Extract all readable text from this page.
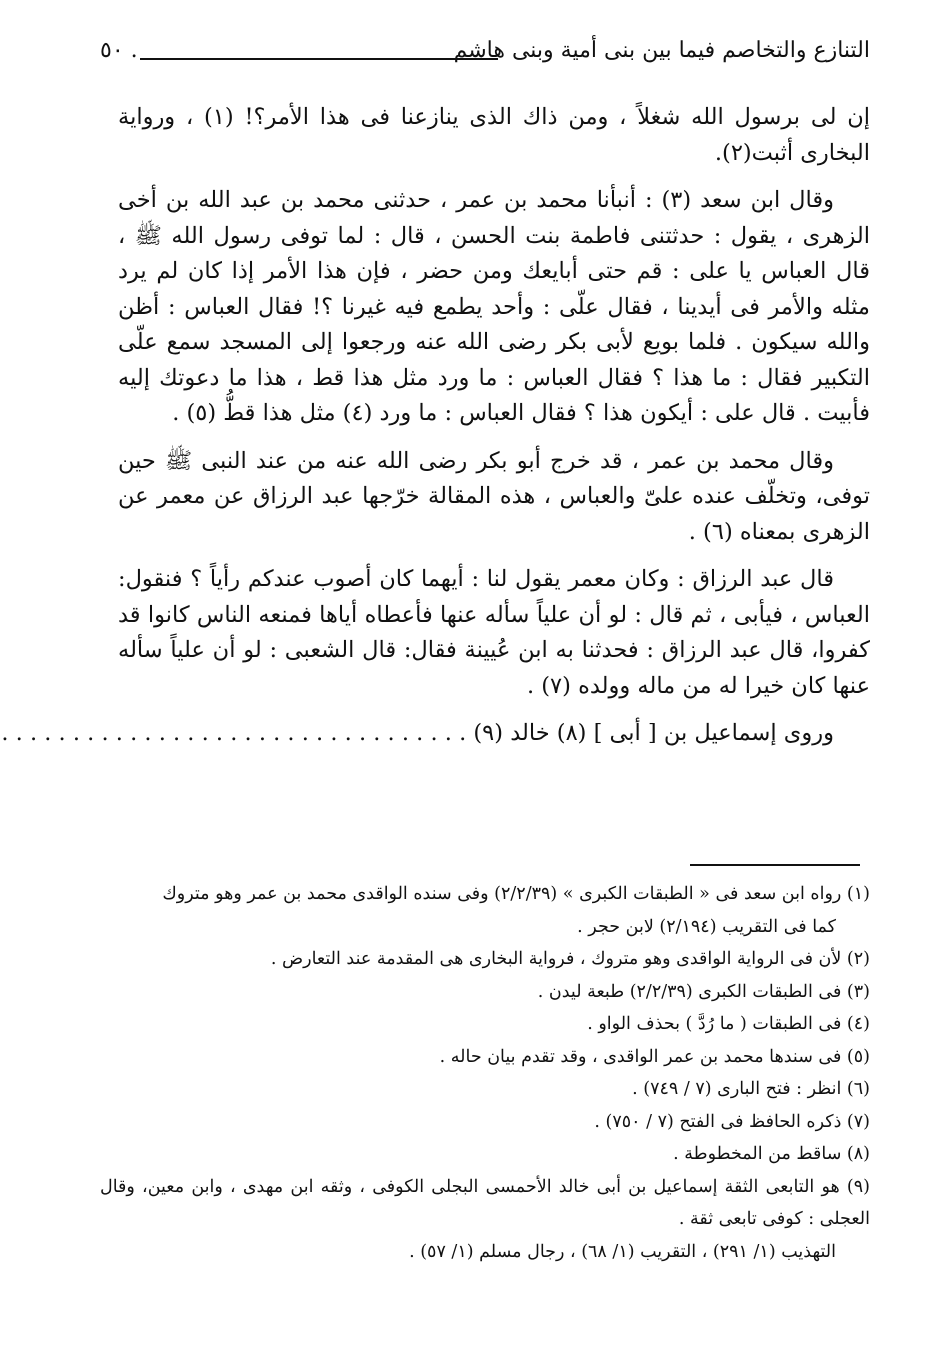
التنازع والتخاصم فيما بين بنى أمية وبنى هاشم
٥٠ .

إن لى برسول الله شغلاً ، ومن ذاك الذى ينازعنا فى هذا الأمر؟! (١) ، ورواية البخارى أثبت(٢).

وقال ابن سعد (٣) : أنبأنا محمد بن عمر ، حدثنى محمد بن عبد الله بن أخى الزهرى ، يقول : حدثتنى فاطمة بنت الحسن ، قال : لما توفى رسول الله ﷺ ، قال العباس يا على : قم حتى أبايعك ومن حضر ، فإن هذا الأمر إذا كان لم يرد مثله والأمر فى أيدينا ، فقال علّى : وأحد يطمع فيه غيرنا ؟! فقال العباس : أظن والله سيكون . فلما بويع لأبى بكر رضى الله عنه ورجعوا إلى المسجد سمع علّى التكبير فقال : ما هذا ؟ فقال العباس : ما ورد مثل هذا قط ، هذا ما دعوتك إليه فأبيت . قال على : أيكون هذا ؟ فقال العباس : ما ورد (٤) مثل هذا قطُّ (٥) .

وقال محمد بن عمر ، قد خرج أبو بكر رضى الله عنه من عند النبى ﷺ حين توفى، وتخلّف عنده علىّ والعباس ، هذه المقالة خرّجها عبد الرزاق عن معمر عن الزهرى بمعناه (٦) .

قال عبد الرزاق : وكان معمر يقول لنا : أيهما كان أصوب عندكم رأياً ؟ فنقول: العباس ، فيأبى ، ثم قال : لو أن علياً سأله عنها فأعطاه أياها فمنعه الناس كانوا قد كفروا، قال عبد الرزاق : فحدثنا به ابن عُيينة فقال: قال الشعبى : لو أن علياً سأله عنها كان خيرا له من ماله وولده (٧) .

وروى إسماعيل بن [ أبى ] (٨) خالد (٩) . . . . . . . . . . . . . . . . . . . . . . . . . . . . . . . . .

(١) رواه ابن سعد فى « الطبقات الكبرى » (٢/٢/٣٩) وفى سنده الواقدى محمد بن عمر وهو متروك

كما فى التقريب (٢/١٩٤) لابن حجر .

(٢) لأن فى الرواية الواقدى وهو متروك ، فرواية البخارى هى المقدمة عند التعارض .

(٣) فى الطبقات الكبرى (٢/٢/٣٩) طبعة ليدن .

(٤) فى الطبقات ( ما رُدَّ ) بحذف الواو .

(٥) فى سندها محمد بن عمر الواقدى ، وقد تقدم بيان حاله .

(٦) انظر : فتح البارى (٧ / ٧٤٩) .

(٧) ذكره الحافظ فى الفتح (٧ / ٧٥٠) .

(٨) ساقط من المخطوطة .

(٩) هو التابعى الثقة إسماعيل بن أبى خالد الأحمسى البجلى الكوفى ، وثقه ابن مهدى ، وابن معين، وقال العجلى : كوفى تابعى ثقة .

التهذيب (١/ ٢٩١) ، التقريب (١/ ٦٨) ، رجال مسلم (١/ ٥٧) .
